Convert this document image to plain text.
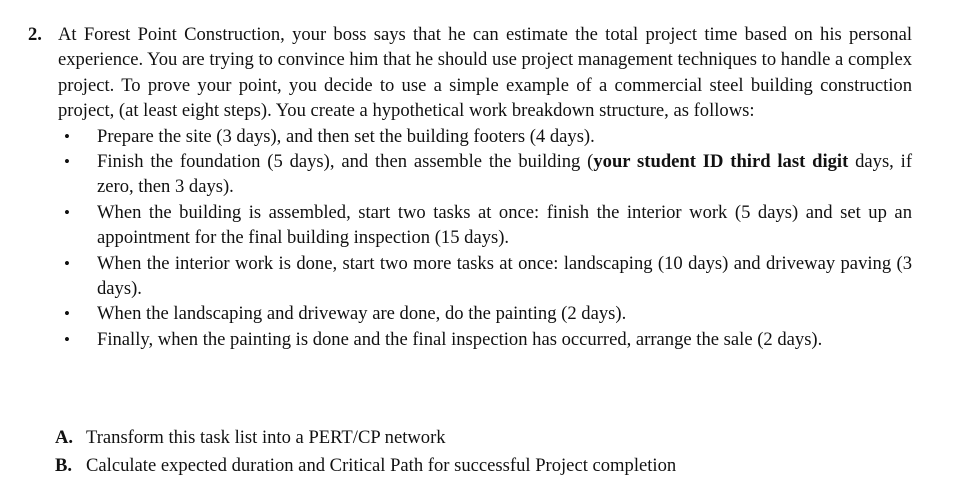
2. At Forest Point Construction, your boss says that he can estimate the total project time based on his personal experience. You are trying to convince him that he should use project management techniques to handle a complex project. To prove your point, you decide to use a simple example of a commercial steel building construction project, (at least eight steps). You create a hypothetical work breakdown structure, as follows:
• Prepare the site (3 days), and then set the building footers (4 days).
• Finish the foundation (5 days), and then assemble the building (your student ID third last digit days, if zero, then 3 days).
• When the building is assembled, start two tasks at once: finish the interior work (5 days) and set up an appointment for the final building inspection (15 days).
• When the interior work is done, start two more tasks at once: landscaping (10 days) and driveway paving (3 days).
• When the landscaping and driveway are done, do the painting (2 days).
• Finally, when the painting is done and the final inspection has occurred, arrange the sale (2 days).
A. Transform this task list into a PERT/CP network
B. Calculate expected duration and Critical Path for successful Project completion
